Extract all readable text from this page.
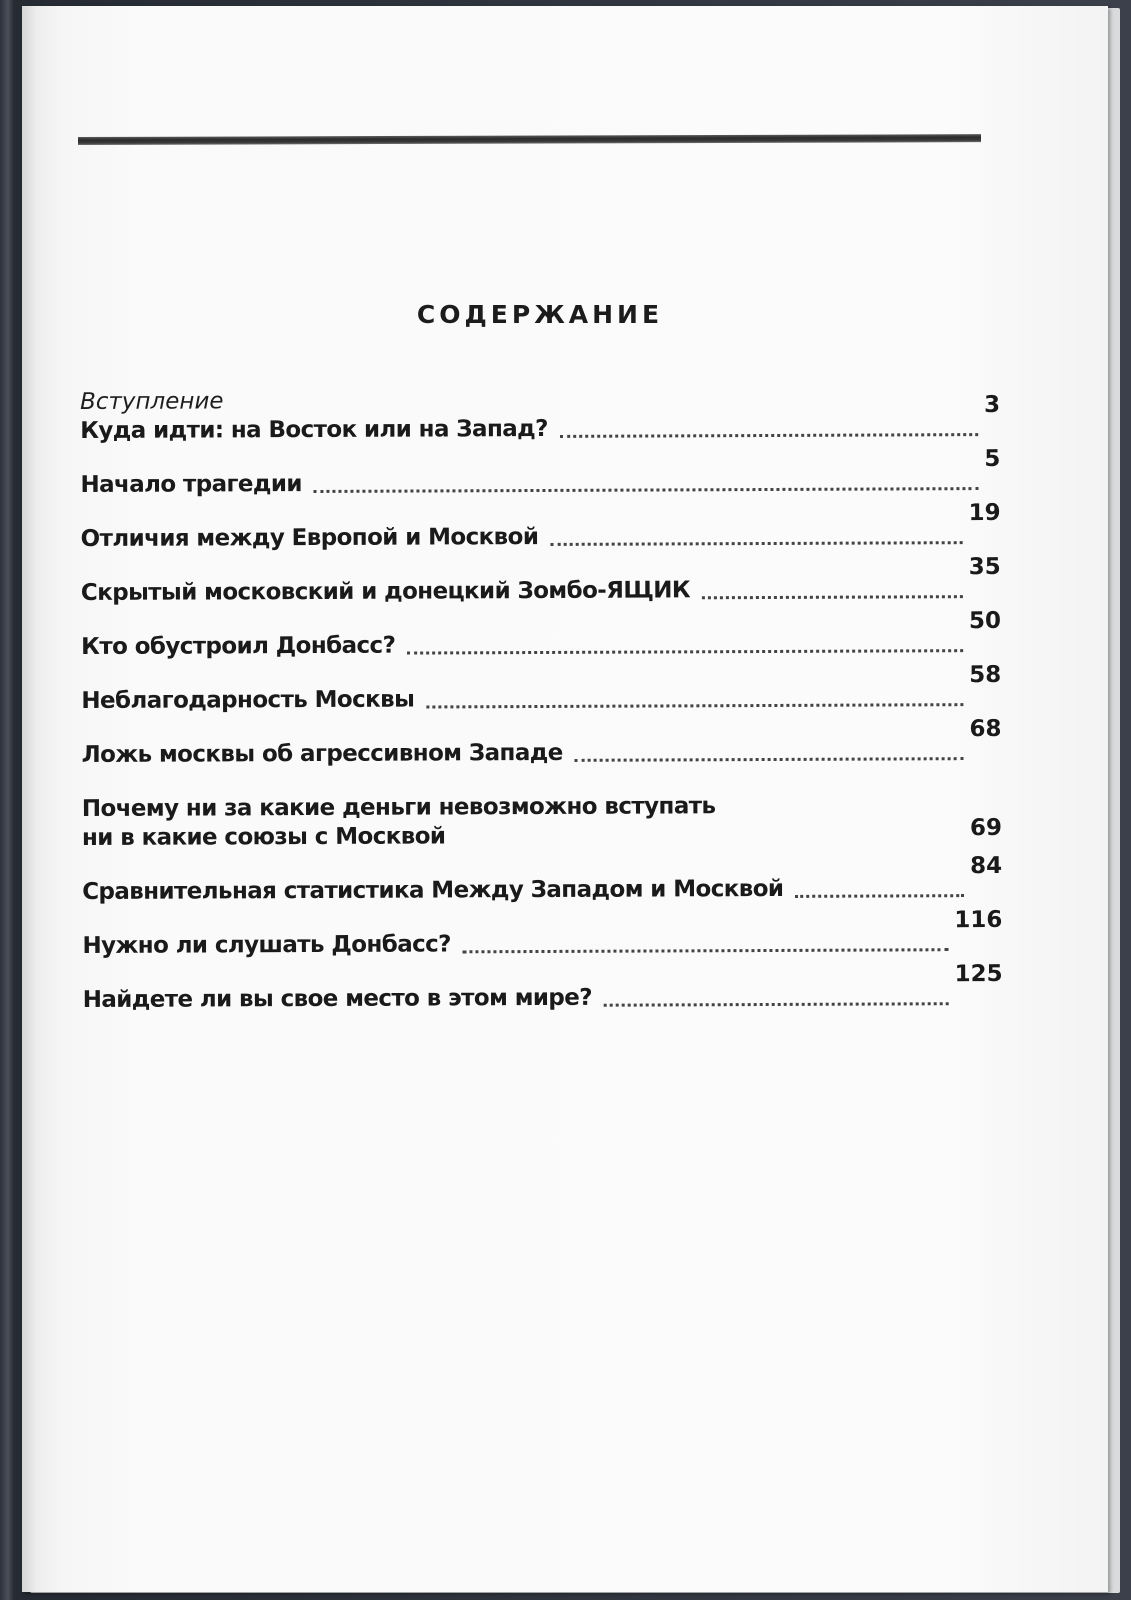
СОДЕРЖАНИЕ
Вступление
Куда идти: на Восток или на Запад?
3
Начало трагедии
5
Отличия между Европой и Москвой
19
Скрытый московский и донецкий Зомбо-ЯЩИК
35
Кто обустроил Донбасс?
50
Неблагодарность Москвы
58
Ложь москвы об агрессивном Западе
68
Почему ни за какие деньги невозможно вступать
ни в какие союзы с Москвой	69
Сравнительная статистика Между Западом и Москвой
84
Нужно ли слушать Донбасс?
116
Найдете ли вы свое место в этом мире?
125
